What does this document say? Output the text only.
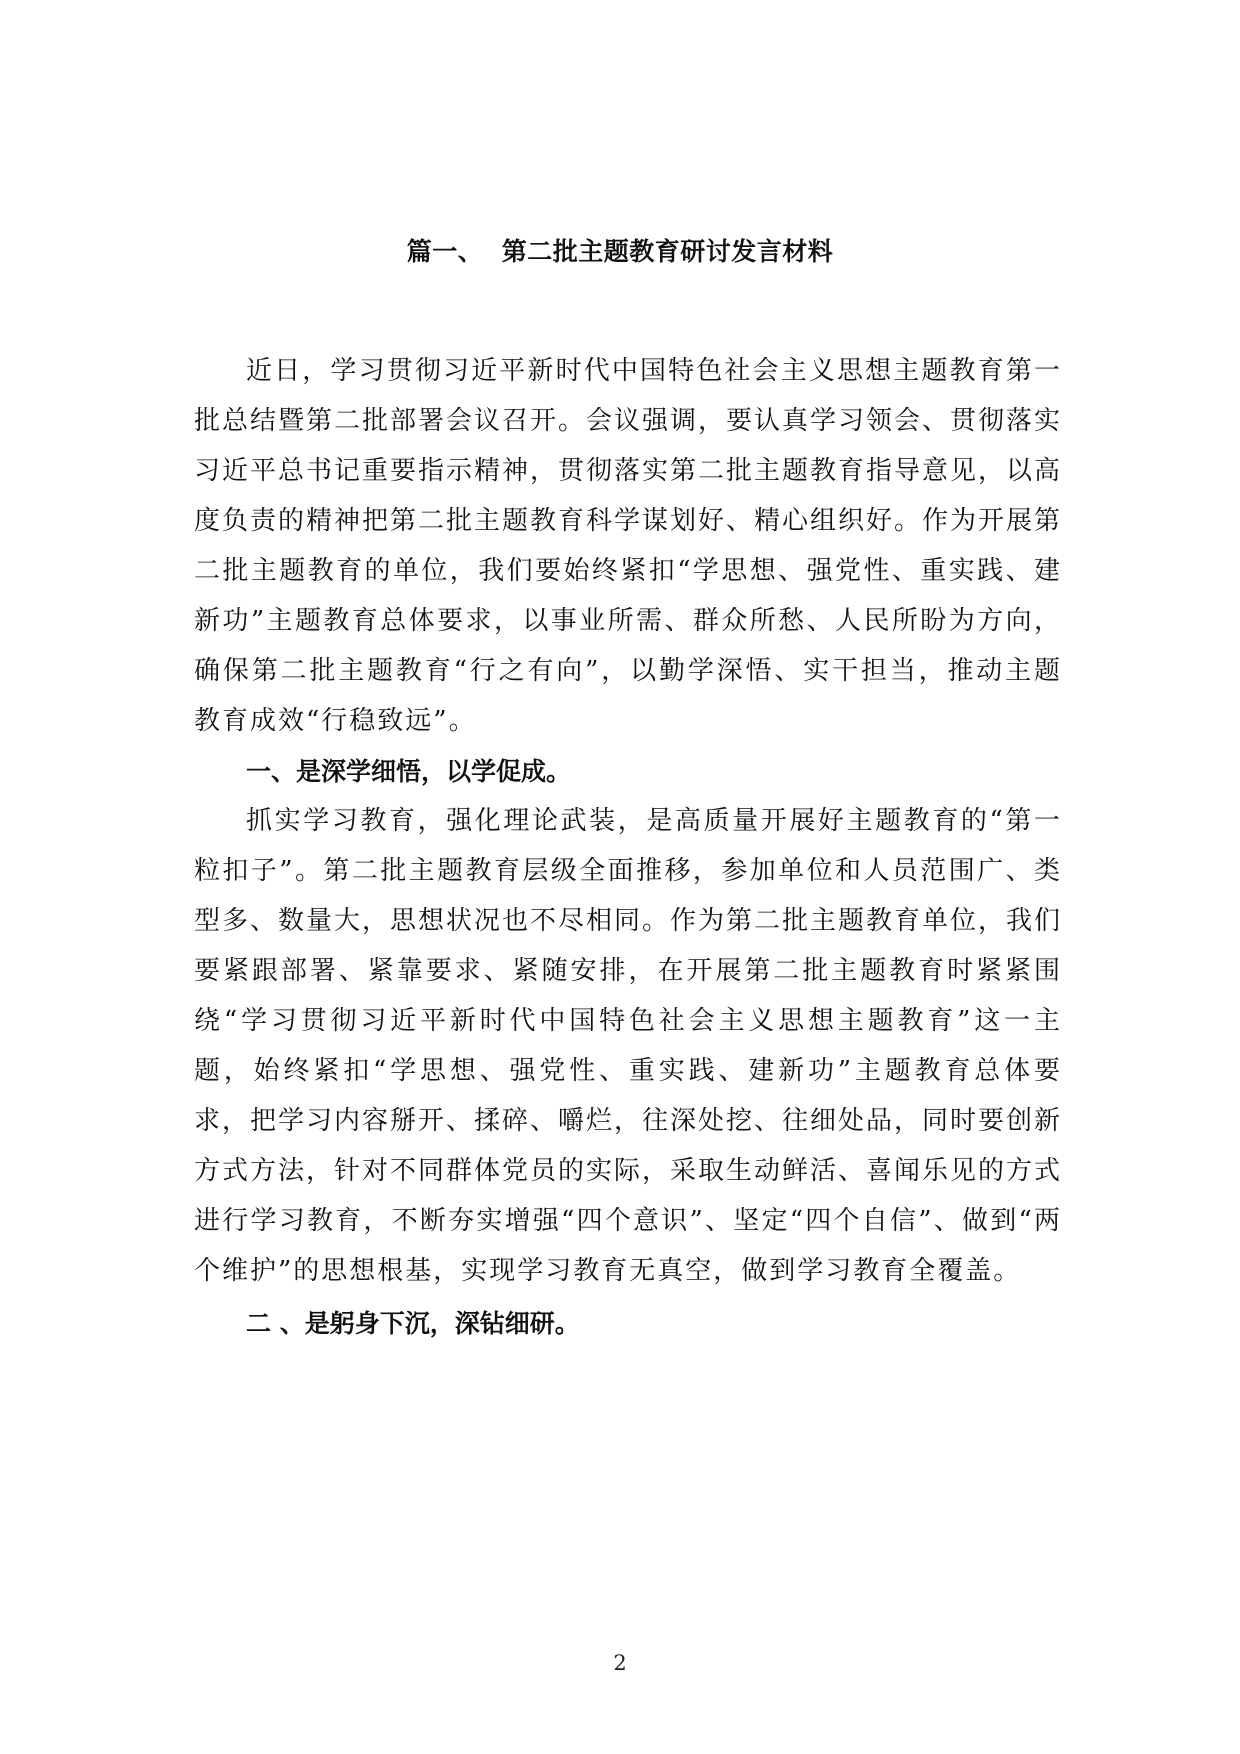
篇一、  第二批主题教育研讨发言材料

近日，学习贯彻习近平新时代中国特色社会主义思想主题教育第一批总结暨第二批部署会议召开。会议强调，要认真学习领会、贯彻落实习近平总书记重要指示精神，贯彻落实第二批主题教育指导意见，以高度负责的精神把第二批主题教育科学谋划好、精心组织好。作为开展第二批主题教育的单位，我们要始终紧扣“学思想、强党性、重实践、建新功”主题教育总体要求，以事业所需、群众所愁、人民所盼为方向，确保第二批主题教育“行之有向”，以勤学深悟、实干担当，推动主题教育成效“行稳致远”。

一、是深学细悟，以学促成。

抓实学习教育，强化理论武装，是高质量开展好主题教育的“第一粒扣子”。第二批主题教育层级全面推移，参加单位和人员范围广、类型多、数量大，思想状况也不尽相同。作为第二批主题教育单位，我们要紧跟部署、紧靠要求、紧随安排，在开展第二批主题教育时紧紧围绕“学习贯彻习近平新时代中国特色社会主义思想主题教育”这一主题，始终紧扣“学思想、强党性、重实践、建新功”主题教育总体要求，把学习内容掰开、揉碎、嚼烂，往深处挖、往细处品，同时要创新方式方法，针对不同群体党员的实际，采取生动鲜活、喜闻乐见的方式进行学习教育，不断夯实增强“四个意识”、坚定“四个自信”、做到“两个维护”的思想根基，实现学习教育无真空，做到学习教育全覆盖。

二 、是躬身下沉，深钻细研。

2
